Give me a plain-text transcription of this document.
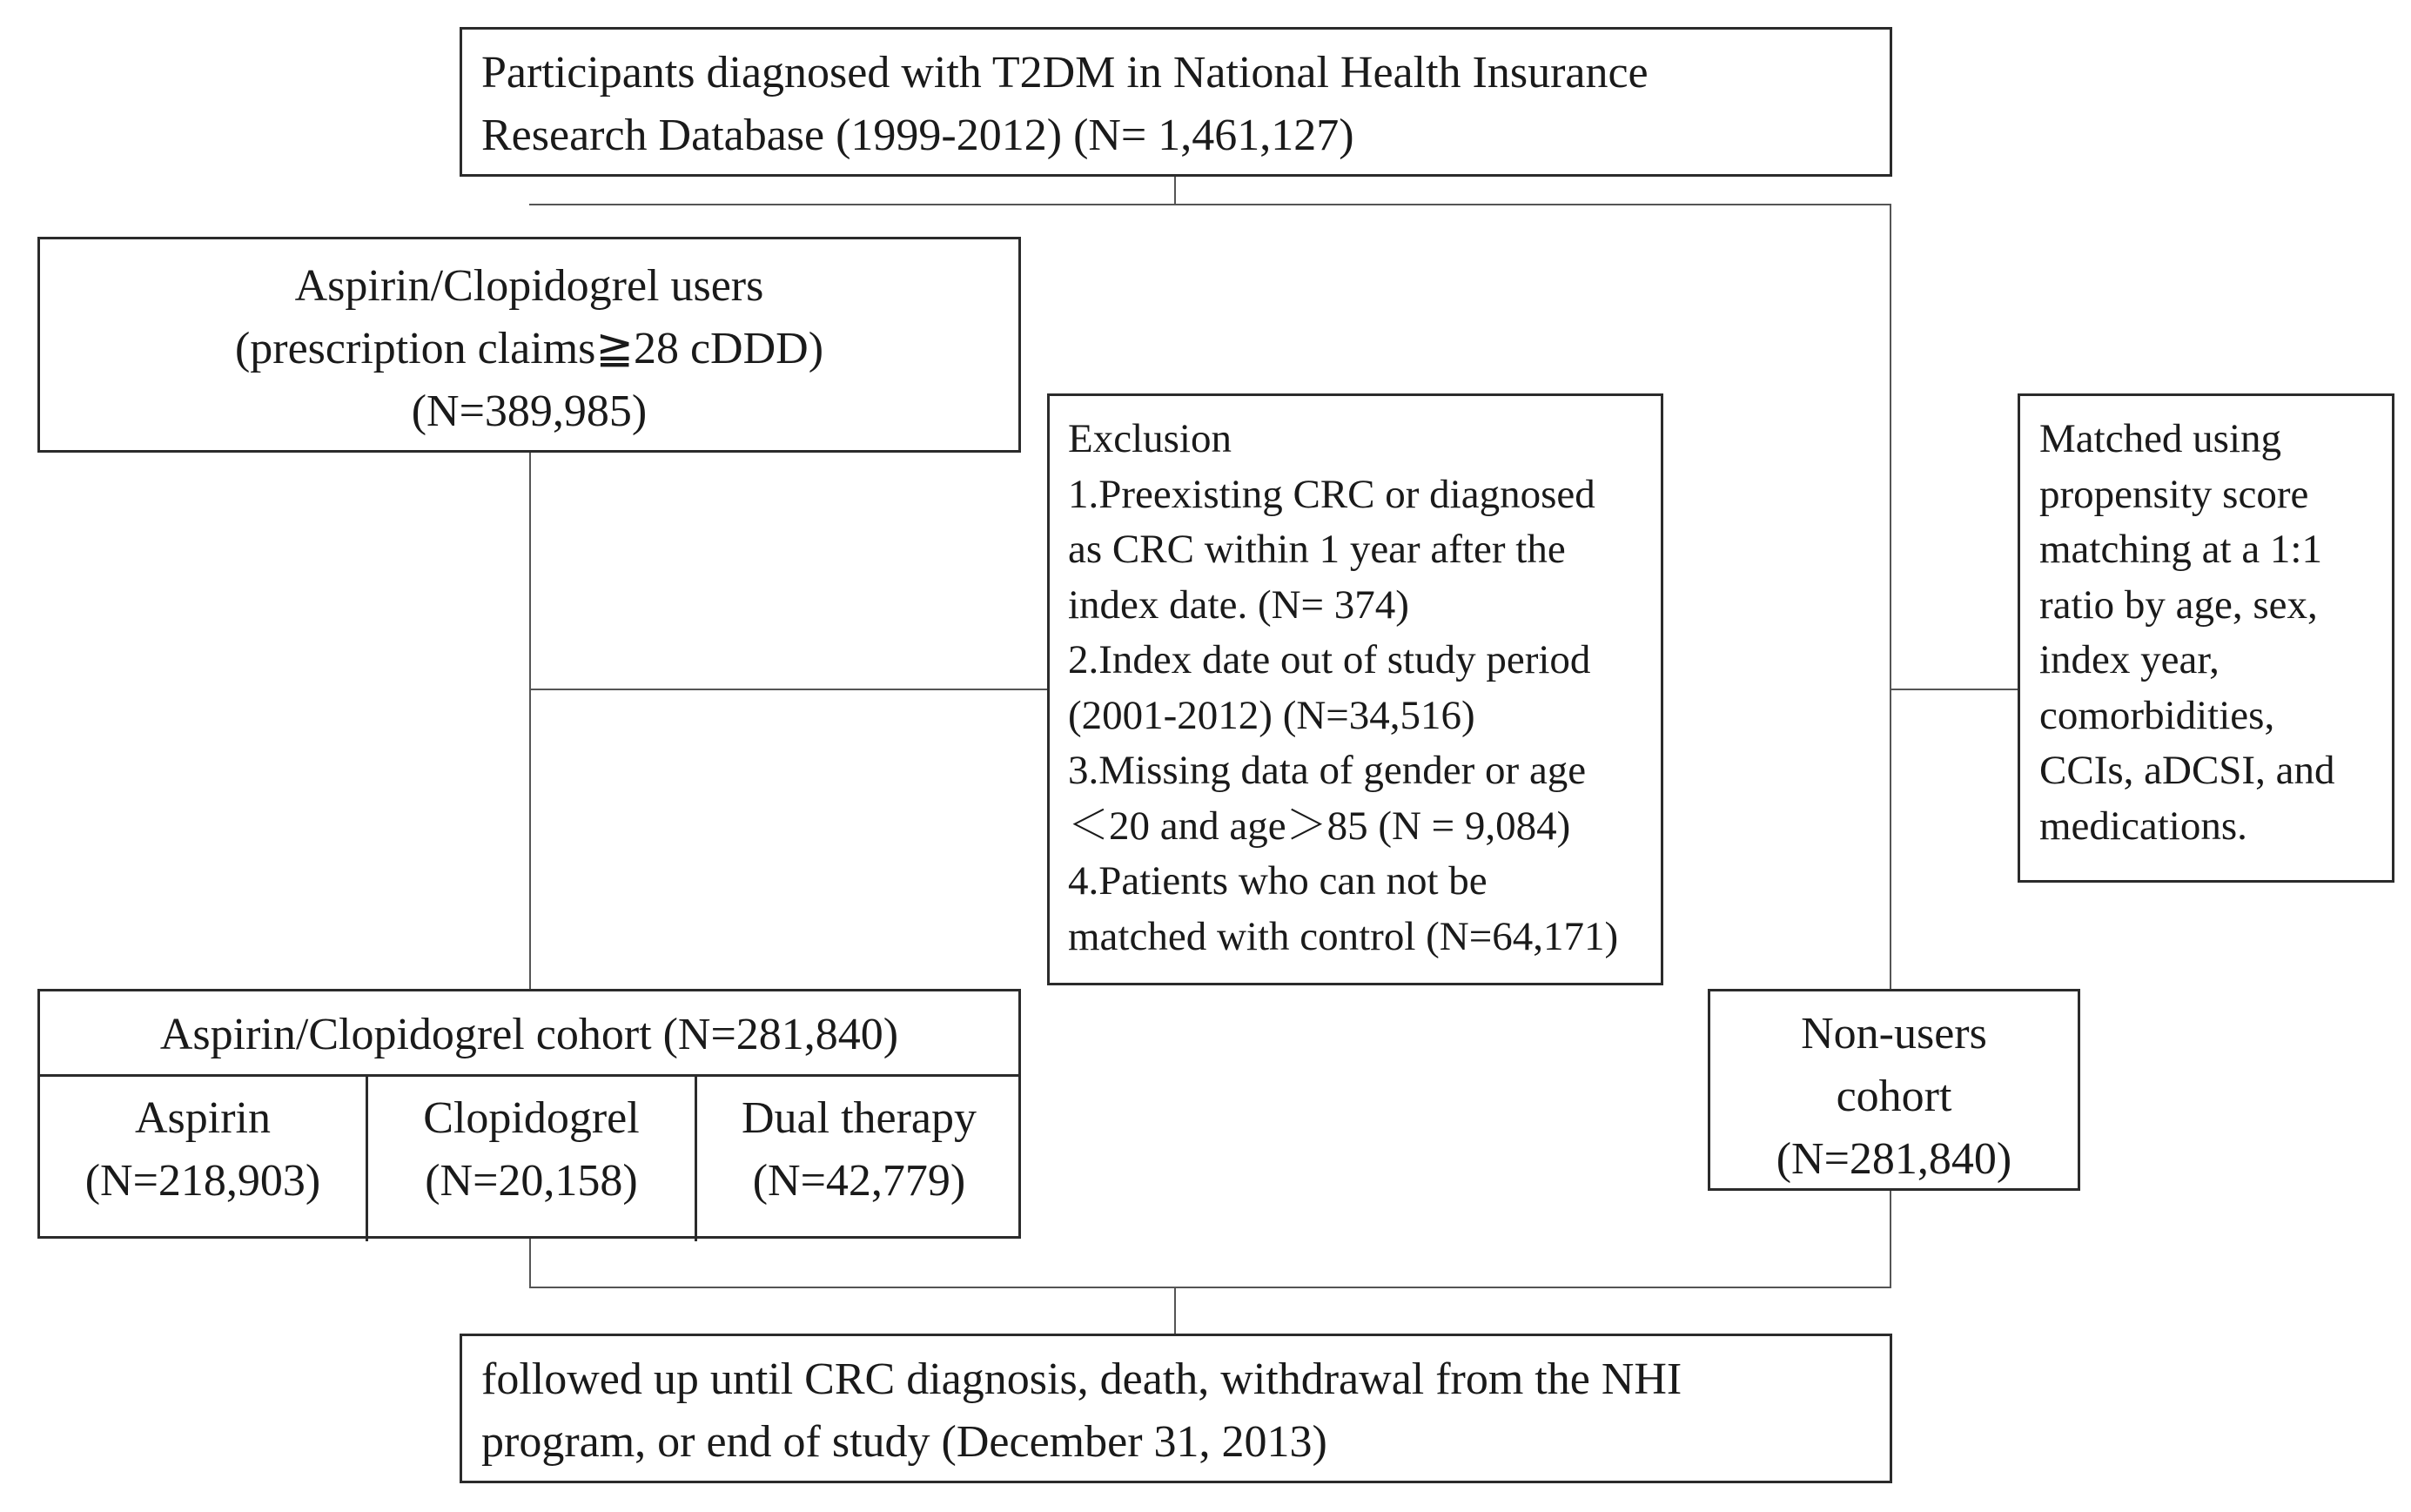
Participants diagnosed with T2DM in National Health Insurance
Research Database (1999-2012) (N= 1,461,127)
Aspirin/Clopidogrel users
(prescription claims≧28 cDDD)
(N=389,985)
Exclusion
1.Preexisting CRC or diagnosed
as CRC within 1 year after the
index date. (N= 374)
2.Index date out of study period
(2001-2012) (N=34,516)
3.Missing data of gender or age
＜20 and age＞85 (N = 9,084)
4.Patients who can not be
matched with control (N=64,171)
Matched using
propensity score
matching at a 1:1
ratio by age, sex,
index year,
comorbidities,
CCIs, aDCSI, and
medications.
Aspirin/Clopidogrel cohort (N=281,840)
Aspirin
(N=218,903)
Clopidogrel
(N=20,158)
Dual therapy
(N=42,779)
Non-users
cohort
(N=281,840)
followed up until CRC diagnosis, death, withdrawal from the NHI
program, or end of study (December 31, 2013)
